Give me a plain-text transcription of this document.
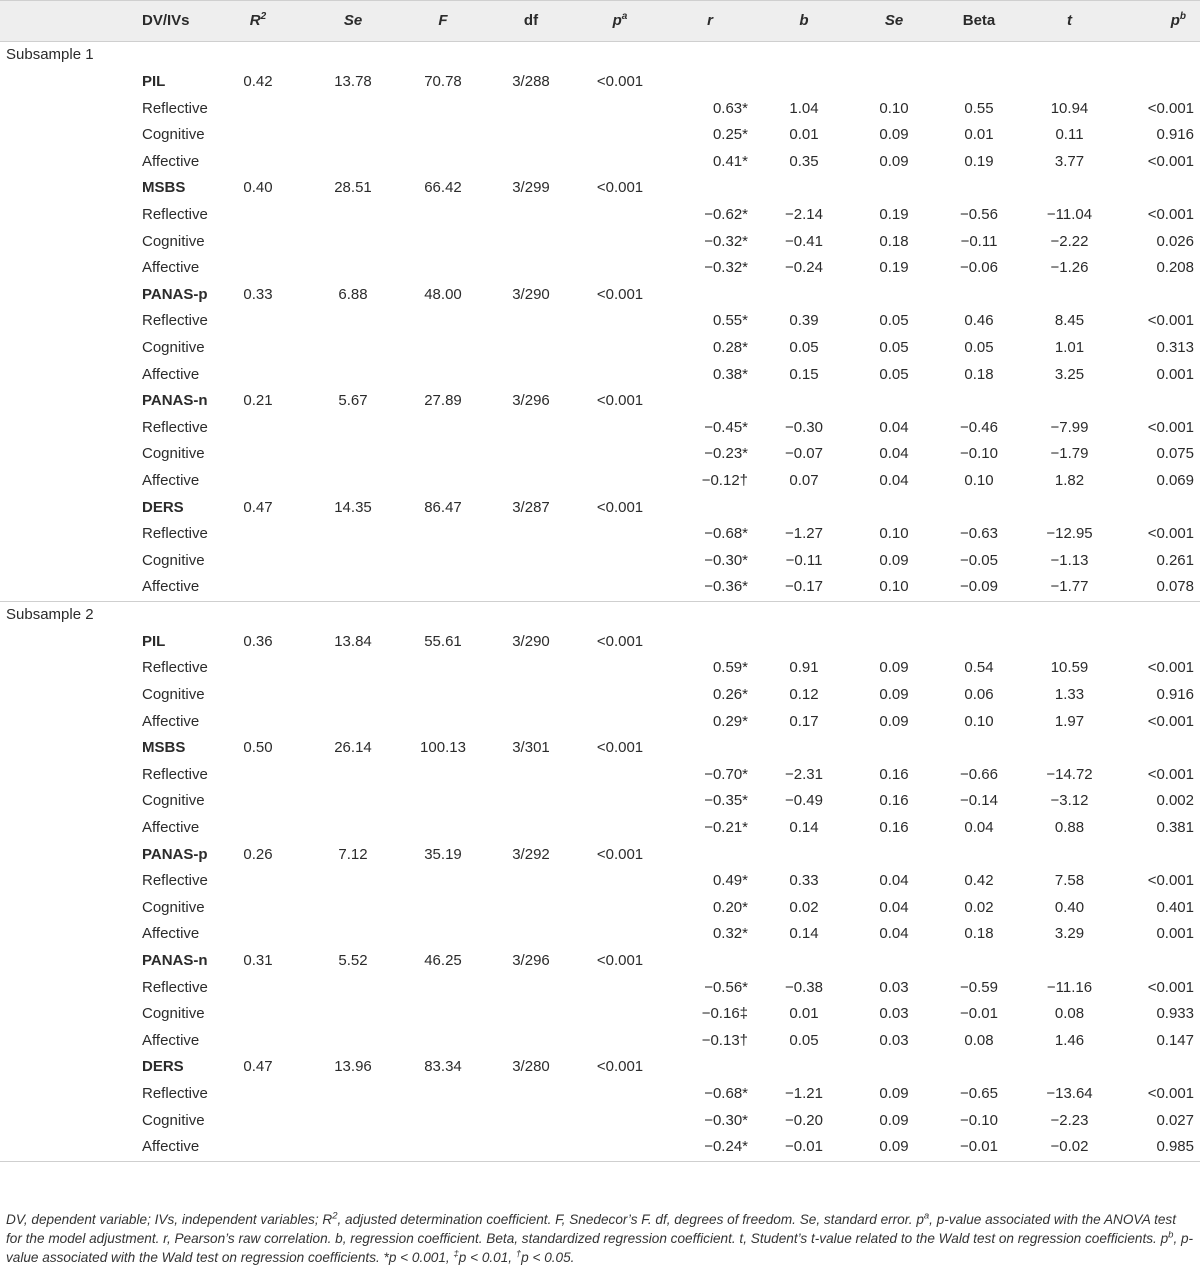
DV/IVs	$R^2$	Se	F	df	$p^a$	r	b	Se	Beta	t	$p^b$
Subsample 1											
PIL	0.42	13.78	70.78	3/288	<0.001						
Reflective						0.63*	1.04	0.10	0.55	10.94	<0.001
Cognitive						0.25*	0.01	0.09	0.01	0.11	0.916
Affective						0.41*	0.35	0.09	0.19	3.77	<0.001
MSBS	0.40	28.51	66.42	3/299	<0.001						
Reflective						−0.62*	−2.14	0.19	−0.56	−11.04	<0.001
Cognitive						−0.32*	−0.41	0.18	−0.11	−2.22	0.026
Affective						−0.32*	−0.24	0.19	−0.06	−1.26	0.208
PANAS-p	0.33	6.88	48.00	3/290	<0.001						
Reflective						0.55*	0.39	0.05	0.46	8.45	<0.001
Cognitive						0.28*	0.05	0.05	0.05	1.01	0.313
Affective						0.38*	0.15	0.05	0.18	3.25	0.001
PANAS-n	0.21	5.67	27.89	3/296	<0.001						
Reflective						−0.45*	−0.30	0.04	−0.46	−7.99	<0.001
Cognitive						−0.23*	−0.07	0.04	−0.10	−1.79	0.075
Affective						−0.12†	0.07	0.04	0.10	1.82	0.069
DERS	0.47	14.35	86.47	3/287	<0.001						
Reflective						−0.68*	−1.27	0.10	−0.63	−12.95	<0.001
Cognitive						−0.30*	−0.11	0.09	−0.05	−1.13	0.261
Affective						−0.36*	−0.17	0.10	−0.09	−1.77	0.078
Subsample 2											
PIL	0.36	13.84	55.61	3/290	<0.001						
Reflective						0.59*	0.91	0.09	0.54	10.59	<0.001
Cognitive						0.26*	0.12	0.09	0.06	1.33	0.916
Affective						0.29*	0.17	0.09	0.10	1.97	<0.001
MSBS	0.50	26.14	100.13	3/301	<0.001						
Reflective						−0.70*	−2.31	0.16	−0.66	−14.72	<0.001
Cognitive						−0.35*	−0.49	0.16	−0.14	−3.12	0.002
Affective						−0.21*	0.14	0.16	0.04	0.88	0.381
PANAS-p	0.26	7.12	35.19	3/292	<0.001						
Reflective						0.49*	0.33	0.04	0.42	7.58	<0.001
Cognitive						0.20*	0.02	0.04	0.02	0.40	0.401
Affective						0.32*	0.14	0.04	0.18	3.29	0.001
PANAS-n	0.31	5.52	46.25	3/296	<0.001						
Reflective						−0.56*	−0.38	0.03	−0.59	−11.16	<0.001
Cognitive						−0.16‡	0.01	0.03	−0.01	0.08	0.933
Affective						−0.13†	0.05	0.03	0.08	1.46	0.147
DERS	0.47	13.96	83.34	3/280	<0.001						
Reflective						−0.68*	−1.21	0.09	−0.65	−13.64	<0.001
Cognitive						−0.30*	−0.20	0.09	−0.10	−2.23	0.027
Affective						−0.24*	−0.01	0.09	−0.01	−0.02	0.985
DV, dependent variable; IVs, independent variables; $R^2$, adjusted determination coefficient. F, Snedecor’s F. df, degrees of freedom. Se, standard error. $p^a$, p-value associated with the ANOVA test for the model adjustment. r, Pearson’s raw correlation. b, regression coefficient. Beta, standardized regression coefficient. t, Student’s t-value related to the Wald test on regression coefficients. $p^b$, p-value associated with the Wald test on regression coefficients. *p < 0.001, ‡p < 0.01, †p < 0.05.
